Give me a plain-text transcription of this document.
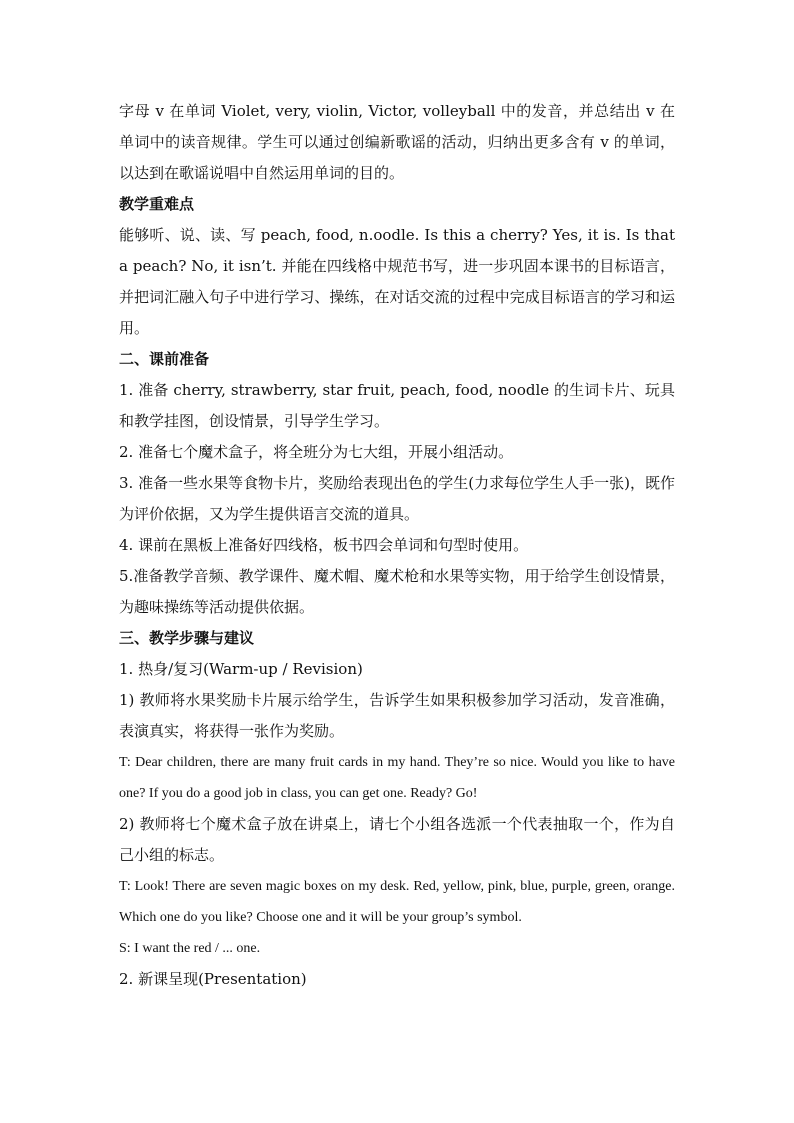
字母 v 在单词 Violet, very, violin, Victor, volleyball 中的发音，并总结出 v 在单词中的读音规律。学生可以通过创编新歌谣的活动，归纳出更多含有 v 的单词，以达到在歌谣说唱中自然运用单词的目的。

教学重难点

能够听、说、读、写 peach, food, n.oodle. Is this a cherry? Yes, it is. Is that a peach? No, it isn’t. 并能在四线格中规范书写，进一步巩固本课书的目标语言，并把词汇融入句子中进行学习、操练，在对话交流的过程中完成目标语言的学习和运用。

二、课前准备

1. 准备 cherry, strawberry, star fruit, peach, food, noodle 的生词卡片、玩具和教学挂图，创设情景，引导学生学习。

2. 准备七个魔术盒子，将全班分为七大组，开展小组活动。

3. 准备一些水果等食物卡片，奖励给表现出色的学生(力求每位学生人手一张)，既作为评价依据，又为学生提供语言交流的道具。

4. 课前在黑板上准备好四线格，板书四会单词和句型时使用。

5.准备教学音频、教学课件、魔术帽、魔术枪和水果等实物，用于给学生创设情景，为趣味操练等活动提供依据。

三、教学步骤与建议

1. 热身/复习(Warm-up / Revision)

1) 教师将水果奖励卡片展示给学生，告诉学生如果积极参加学习活动，发音准确，表演真实，将获得一张作为奖励。

T: Dear children, there are many fruit cards in my hand. They’re so nice. Would you like to have one? If you do a good job in class, you can get one. Ready? Go!

2) 教师将七个魔术盒子放在讲桌上，请七个小组各选派一个代表抽取一个，作为自己小组的标志。

T: Look! There are seven magic boxes on my desk. Red, yellow, pink, blue, purple, green, orange. Which one do you like? Choose one and it will be your group’s symbol.

S: I want the red / ... one.

2. 新课呈现(Presentation)
